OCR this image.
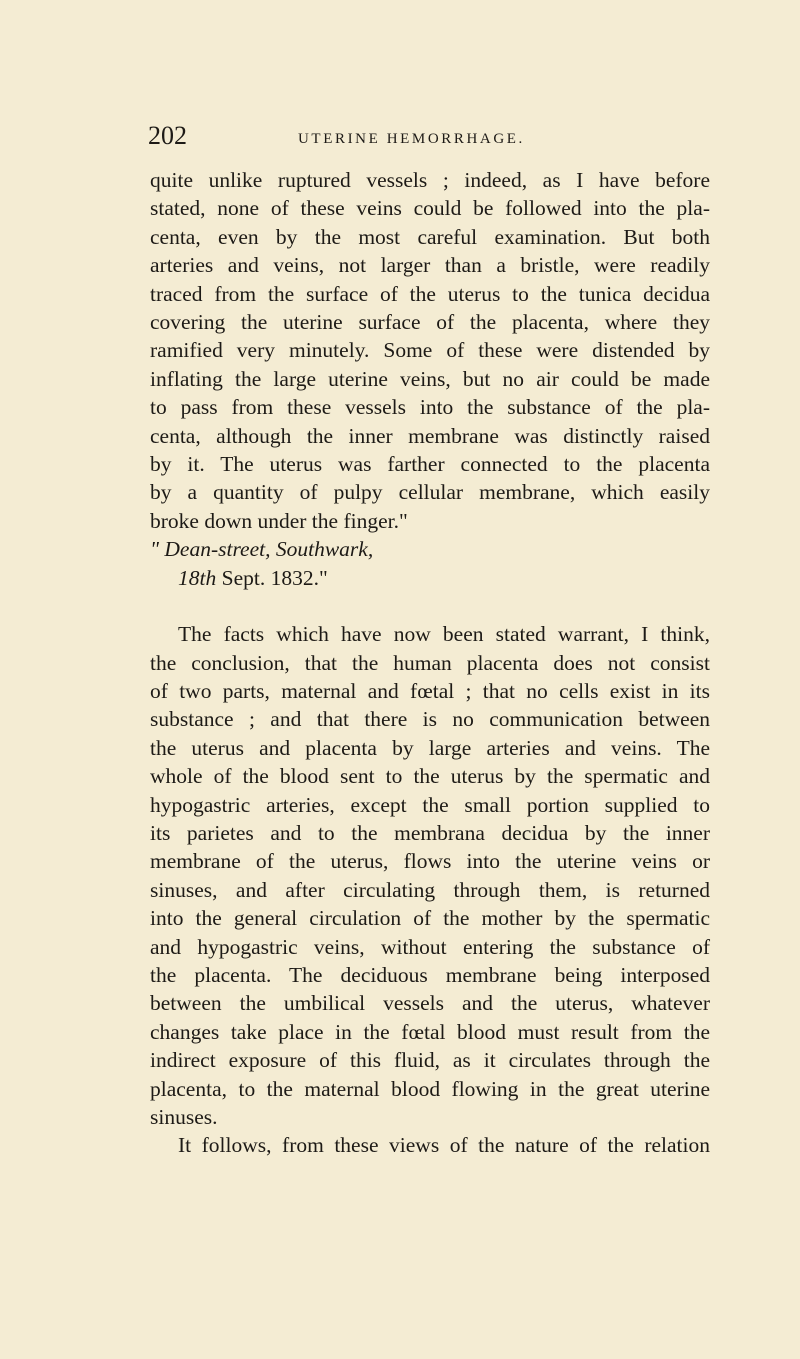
202	UTERINE HEMORRHAGE.

quite unlike ruptured vessels ; indeed, as I have before
stated, none of these veins could be followed into the pla-
centa, even by the most careful examination. But both
arteries and veins, not larger than a bristle, were readily
traced from the surface of the uterus to the tunica decidua
covering the uterine surface of the placenta, where they
ramified very minutely. Some of these were distended by
inflating the large uterine veins, but no air could be made
to pass from these vessels into the substance of the pla-
centa, although the inner membrane was distinctly raised
by it. The uterus was farther connected to the placenta
by a quantity of pulpy cellular membrane, which easily
broke down under the finger."

" Dean-street, Southwark,
18th Sept. 1832."

The facts which have now been stated warrant, I think,
the conclusion, that the human placenta does not consist
of two parts, maternal and fœtal ; that no cells exist in its
substance ; and that there is no communication between
the uterus and placenta by large arteries and veins. The
whole of the blood sent to the uterus by the spermatic and
hypogastric arteries, except the small portion supplied to
its parietes and to the membrana decidua by the inner
membrane of the uterus, flows into the uterine veins or
sinuses, and after circulating through them, is returned
into the general circulation of the mother by the spermatic
and hypogastric veins, without entering the substance of
the placenta. The deciduous membrane being interposed
between the umbilical vessels and the uterus, whatever
changes take place in the fœtal blood must result from the
indirect exposure of this fluid, as it circulates through the
placenta, to the maternal blood flowing in the great uterine
sinuses.

It follows, from these views of the nature of the relation
